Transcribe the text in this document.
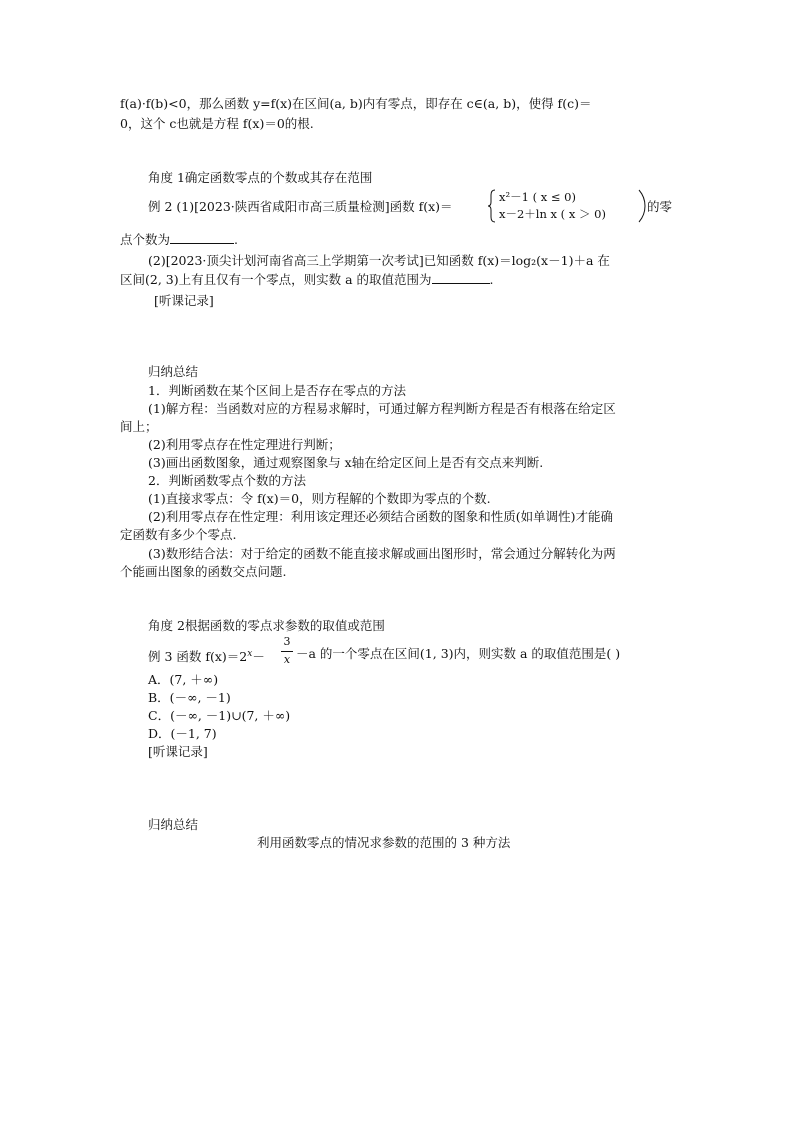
f(a)·f(b)<0，那么函数 y=f(x)在区间(a, b)内有零点，即存在 c∈(a, b)，使得 f(c)＝
0，这个 c也就是方程 f(x)＝0的根.
角度 1确定函数零点的个数或其存在范围
例 2 (1)[2023·陕西省咸阳市高三质量检测]函数 f(x)＝
x²－1 ( x ≤ 0)
x－2＋ln x ( x ＞ 0)	的零
点个数为	.
(2)[2023·顶尖计划河南省高三上学期第一次考试]已知函数 f(x)＝log₂(x－1)＋a 在
区间(2, 3)上有且仅有一个零点，则实数 a 的取值范围为	.
[听课记录]
归纳总结
1．判断函数在某个区间上是否存在零点的方法
(1)解方程：当函数对应的方程易求解时，可通过解方程判断方程是否有根落在给定区
间上；
(2)利用零点存在性定理进行判断；
(3)画出函数图象，通过观察图象与 x轴在给定区间上是否有交点来判断.
2．判断函数零点个数的方法
(1)直接求零点：令 f(x)＝0，则方程解的个数即为零点的个数.
(2)利用零点存在性定理：利用该定理还必须结合函数的图象和性质(如单调性)才能确
定函数有多少个零点.
(3)数形结合法：对于给定的函数不能直接求解或画出图形时，常会通过分解转化为两
个能画出图象的函数交点问题.
角度 2根据函数的零点求参数的取值或范围
例 3 函数 $f(x)=2^x-$
3
x －a 的一个零点在区间(1, 3)内，则实数 a 的取值范围是( )
A．(7, ＋∞)
B．(－∞, －1)
C．(－∞, －1)∪(7, ＋∞)
D．(－1, 7)
[听课记录]
归纳总结
利用函数零点的情况求参数的范围的 3 种方法
